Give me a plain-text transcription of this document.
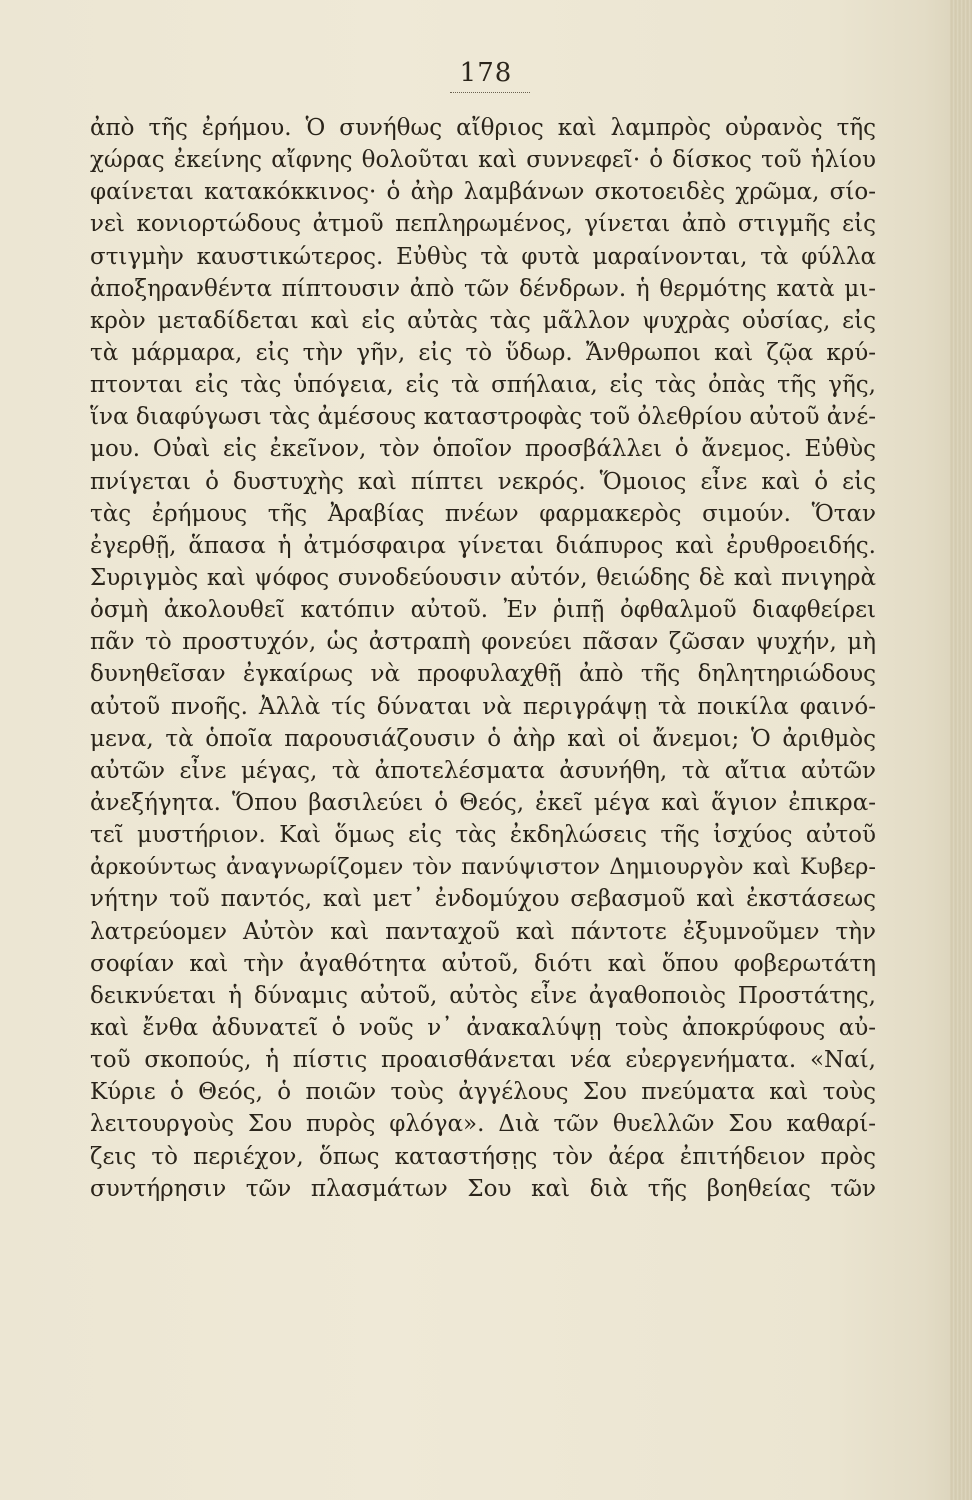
178
ἀπὸ τῆς ἐρήμου. Ὁ συνήθως αἴθριος καὶ λαμπρὸς οὐρανὸς τῆς
χώρας ἐκείνης αἴφνης θολοῦται καὶ συννεφεῖ· ὁ δίσκος τοῦ ἡλίου
φαίνεται κατακόκκινος· ὁ ἀὴρ λαμβάνων σκοτοειδὲς χρῶμα, σίο-
νεὶ κονιορτώδους ἀτμοῦ πεπληρωμένος, γίνεται ἀπὸ στιγμῆς εἰς
στιγμὴν καυστικώτερος. Εὐθὺς τὰ φυτὰ μαραίνονται, τὰ φύλλα
ἀποξηρανθέντα πίπτουσιν ἀπὸ τῶν δένδρων. ἡ θερμότης κατὰ μι-
κρὸν μεταδίδεται καὶ εἰς αὐτὰς τὰς μᾶλλον ψυχρὰς οὐσίας, εἰς
τὰ μάρμαρα, εἰς τὴν γῆν, εἰς τὸ ὕδωρ. Ἄνθρωποι καὶ ζῷα κρύ-
πτονται εἰς τὰς ὑπόγεια, εἰς τὰ σπήλαια, εἰς τὰς ὀπὰς τῆς γῆς,
ἵνα διαφύγωσι τὰς ἀμέσους καταστροφὰς τοῦ ὀλεθρίου αὐτοῦ ἀνέ-
μου. Οὐαὶ εἰς ἐκεῖνον, τὸν ὁποῖον προσβάλλει ὁ ἄνεμος. Εὐθὺς
πνίγεται ὁ δυστυχὴς καὶ πίπτει νεκρός. Ὅμοιος εἶνε καὶ ὁ εἰς
τὰς ἐρήμους τῆς Ἀραβίας πνέων φαρμακερὸς σιμούν. Ὅταν
ἐγερθῇ, ἅπασα ἡ ἀτμόσφαιρα γίνεται διάπυρος καὶ ἐρυθροειδής.
Συριγμὸς καὶ ψόφος συνοδεύουσιν αὐτόν, θειώδης δὲ καὶ πνιγηρὰ
ὀσμὴ ἀκολουθεῖ κατόπιν αὐτοῦ. Ἐν ῥιπῇ ὀφθαλμοῦ διαφθείρει
πᾶν τὸ προστυχόν, ὡς ἀστραπὴ φονεύει πᾶσαν ζῶσαν ψυχήν, μὴ
δυνηθεῖσαν ἐγκαίρως νὰ προφυλαχθῇ ἀπὸ τῆς δηλητηριώδους
αὐτοῦ πνοῆς. Ἀλλὰ τίς δύναται νὰ περιγράψῃ τὰ ποικίλα φαινό-
μενα, τὰ ὁποῖα παρουσιάζουσιν ὁ ἀὴρ καὶ οἱ ἄνεμοι; Ὁ ἀριθμὸς
αὐτῶν εἶνε μέγας, τὰ ἀποτελέσματα ἀσυνήθη, τὰ αἴτια αὐτῶν
ἀνεξήγητα. Ὅπου βασιλεύει ὁ Θεός, ἐκεῖ μέγα καὶ ἅγιον ἐπικρα-
τεῖ μυστήριον. Καὶ ὅμως εἰς τὰς ἐκδηλώσεις τῆς ἰσχύος αὐτοῦ
ἀρκούντως ἀναγνωρίζομεν τὸν πανύψιστον Δημιουργὸν καὶ Κυβερ-
νήτην τοῦ παντός, καὶ μετ᾽ ἐνδομύχου σεβασμοῦ καὶ ἐκστάσεως
λατρεύομεν Αὐτὸν καὶ πανταχοῦ καὶ πάντοτε ἐξυμνοῦμεν τὴν
σοφίαν καὶ τὴν ἀγαθότητα αὐτοῦ, διότι καὶ ὅπου φοβερωτάτη
δεικνύεται ἡ δύναμις αὐτοῦ, αὐτὸς εἶνε ἀγαθοποιὸς Προστάτης,
καὶ ἔνθα ἀδυνατεῖ ὁ νοῦς ν᾽ ἀνακαλύψῃ τοὺς ἀποκρύφους αὐ-
τοῦ σκοπούς, ἡ πίστις προαισθάνεται νέα εὐεργενήματα. «Ναί,
Κύριε ὁ Θεός, ὁ ποιῶν τοὺς ἀγγέλους Σου πνεύματα καὶ τοὺς
λειτουργοὺς Σου πυρὸς φλόγα». Διὰ τῶν θυελλῶν Σου καθαρί-
ζεις τὸ περιέχον, ὅπως καταστήσῃς τὸν ἀέρα ἐπιτήδειον πρὸς
συντήρησιν τῶν πλασμάτων Σου καὶ διὰ τῆς βοηθείας τῶν
